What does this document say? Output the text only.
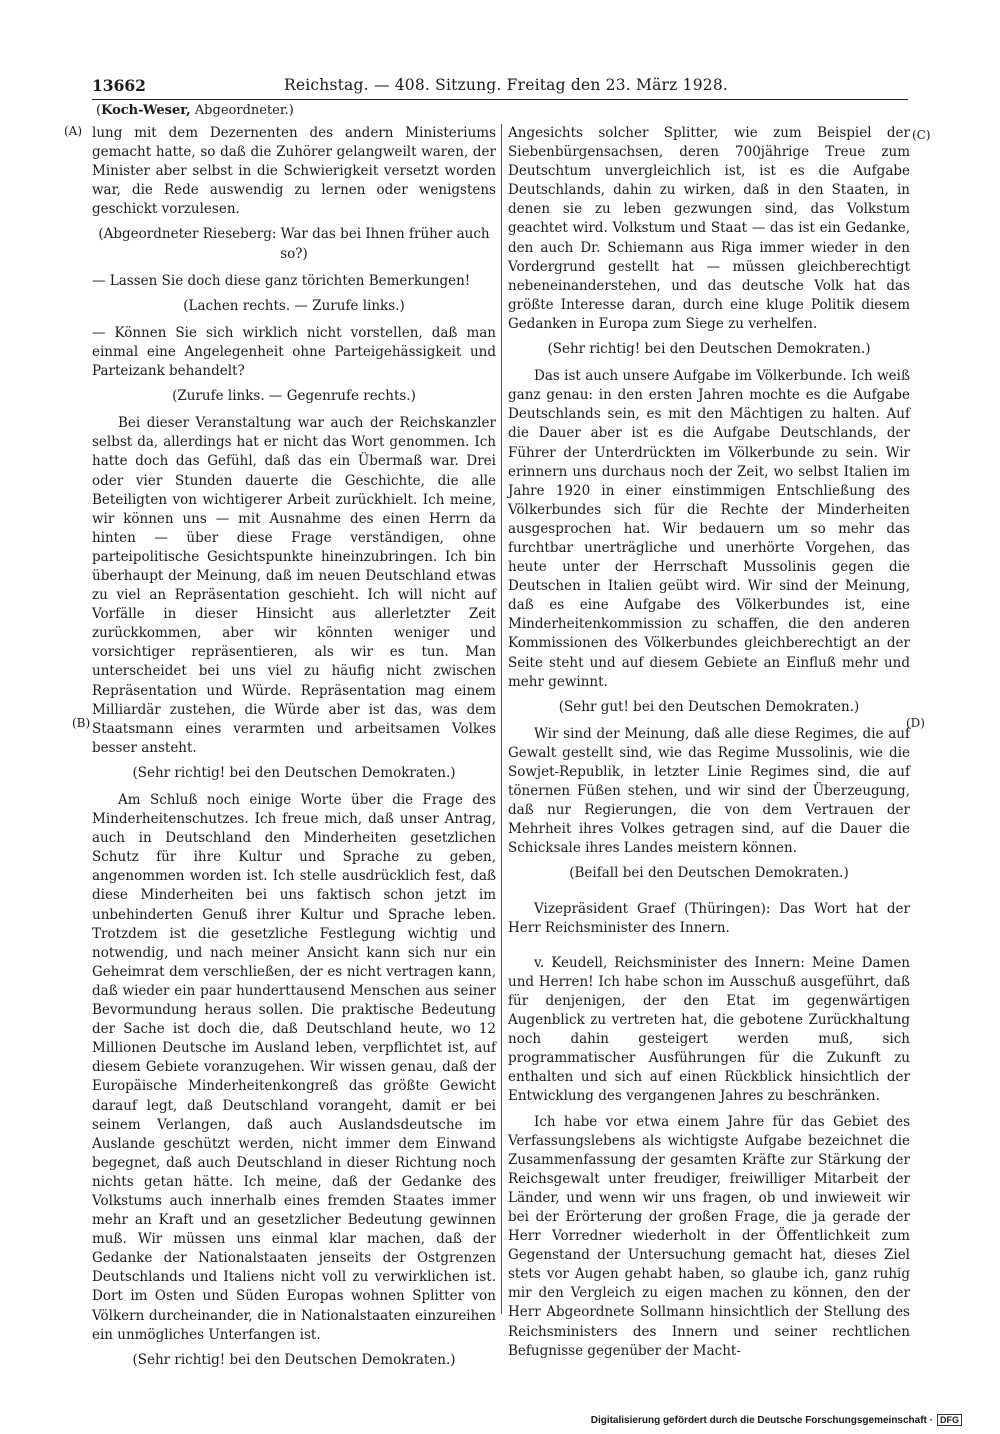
13662	Reichstag. — 408. Sitzung. Freitag den 23. März 1928.
(Koch-Weser, Abgeordneter.)
(A)
(B)
(C)
(D)

lung mit dem Dezernenten des andern Ministeriums gemacht hatte, so daß die Zuhörer gelangweilt waren, der Minister aber selbst in die Schwierigkeit versetzt worden war, die Rede auswendig zu lernen oder wenigstens geschickt vorzulesen.

(Abgeordneter Rieseberg: War das bei Ihnen früher auch so?)

— Lassen Sie doch diese ganz törichten Bemerkungen!

(Lachen rechts. — Zurufe links.)

— Können Sie sich wirklich nicht vorstellen, daß man einmal eine Angelegenheit ohne Parteigehässigkeit und Parteizank behandelt?

(Zurufe links. — Gegenrufe rechts.)

Bei dieser Veranstaltung war auch der Reichskanzler selbst da, allerdings hat er nicht das Wort genommen. Ich hatte doch das Gefühl, daß das ein Übermaß war. Drei oder vier Stunden dauerte die Geschichte, die alle Beteiligten von wichtigerer Arbeit zurückhielt. Ich meine, wir können uns — mit Ausnahme des einen Herrn da hinten — über diese Frage verständigen, ohne parteipolitische Gesichtspunkte hineinzubringen. Ich bin überhaupt der Meinung, daß im neuen Deutschland etwas zu viel an Repräsentation geschieht. Ich will nicht auf Vorfälle in dieser Hinsicht aus allerletzter Zeit zurückkommen, aber wir könnten weniger und vorsichtiger repräsentieren, als wir es tun. Man unterscheidet bei uns viel zu häufig nicht zwischen Repräsentation und Würde. Repräsentation mag einem Milliardär zustehen, die Würde aber ist das, was dem Staatsmann eines verarmten und arbeitsamen Volkes besser ansteht.

(Sehr richtig! bei den Deutschen Demokraten.)

Am Schluß noch einige Worte über die Frage des Minderheitenschutzes. Ich freue mich, daß unser Antrag, auch in Deutschland den Minderheiten gesetzlichen Schutz für ihre Kultur und Sprache zu geben, angenommen worden ist. Ich stelle ausdrücklich fest, daß diese Minderheiten bei uns faktisch schon jetzt im unbehinderten Genuß ihrer Kultur und Sprache leben. Trotzdem ist die gesetzliche Festlegung wichtig und notwendig, und nach meiner Ansicht kann sich nur ein Geheimrat dem verschließen, der es nicht vertragen kann, daß wieder ein paar hunderttausend Menschen aus seiner Bevormundung heraus sollen. Die praktische Bedeutung der Sache ist doch die, daß Deutschland heute, wo 12 Millionen Deutsche im Ausland leben, verpflichtet ist, auf diesem Gebiete voranzugehen. Wir wissen genau, daß der Europäische Minderheitenkongreß das größte Gewicht darauf legt, daß Deutschland vorangeht, damit er bei seinem Verlangen, daß auch Auslandsdeutsche im Auslande geschützt werden, nicht immer dem Einwand begegnet, daß auch Deutschland in dieser Richtung noch nichts getan hätte. Ich meine, daß der Gedanke des Volkstums auch innerhalb eines fremden Staates immer mehr an Kraft und an gesetzlicher Bedeutung gewinnen muß. Wir müssen uns einmal klar machen, daß der Gedanke der Nationalstaaten jenseits der Ostgrenzen Deutschlands und Italiens nicht voll zu verwirklichen ist. Dort im Osten und Süden Europas wohnen Splitter von Völkern durcheinander, die in Nationalstaaten einzureihen ein unmögliches Unterfangen ist.

(Sehr richtig! bei den Deutschen Demokraten.)

Angesichts solcher Splitter, wie zum Beispiel der Siebenbürgensachsen, deren 700jährige Treue zum Deutschtum unvergleichlich ist, ist es die Aufgabe Deutschlands, dahin zu wirken, daß in den Staaten, in denen sie zu leben gezwungen sind, das Volkstum geachtet wird. Volkstum und Staat — das ist ein Gedanke, den auch Dr. Schiemann aus Riga immer wieder in den Vordergrund gestellt hat — müssen gleichberechtigt nebeneinanderstehen, und das deutsche Volk hat das größte Interesse daran, durch eine kluge Politik diesem Gedanken in Europa zum Siege zu verhelfen.

(Sehr richtig! bei den Deutschen Demokraten.)

Das ist auch unsere Aufgabe im Völkerbunde. Ich weiß ganz genau: in den ersten Jahren mochte es die Aufgabe Deutschlands sein, es mit den Mächtigen zu halten. Auf die Dauer aber ist es die Aufgabe Deutschlands, der Führer der Unterdrückten im Völkerbunde zu sein. Wir erinnern uns durchaus noch der Zeit, wo selbst Italien im Jahre 1920 in einer einstimmigen Entschließung des Völkerbundes sich für die Rechte der Minderheiten ausgesprochen hat. Wir bedauern um so mehr das furchtbar unerträgliche und unerhörte Vorgehen, das heute unter der Herrschaft Mussolinis gegen die Deutschen in Italien geübt wird. Wir sind der Meinung, daß es eine Aufgabe des Völkerbundes ist, eine Minderheitenkommission zu schaffen, die den anderen Kommissionen des Völkerbundes gleichberechtigt an der Seite steht und auf diesem Gebiete an Einfluß mehr und mehr gewinnt.

(Sehr gut! bei den Deutschen Demokraten.)

Wir sind der Meinung, daß alle diese Regimes, die auf Gewalt gestellt sind, wie das Regime Mussolinis, wie die Sowjet-Republik, in letzter Linie Regimes sind, die auf tönernen Füßen stehen, und wir sind der Überzeugung, daß nur Regierungen, die von dem Vertrauen der Mehrheit ihres Volkes getragen sind, auf die Dauer die Schicksale ihres Landes meistern können.

(Beifall bei den Deutschen Demokraten.)

Vizepräsident Graef (Thüringen): Das Wort hat der Herr Reichsminister des Innern.

v. Keudell, Reichsminister des Innern: Meine Damen und Herren! Ich habe schon im Ausschuß ausgeführt, daß für denjenigen, der den Etat im gegenwärtigen Augenblick zu vertreten hat, die gebotene Zurückhaltung noch dahin gesteigert werden muß, sich programmatischer Ausführungen für die Zukunft zu enthalten und sich auf einen Rückblick hinsichtlich der Entwicklung des vergangenen Jahres zu beschränken.

Ich habe vor etwa einem Jahre für das Gebiet des Verfassungslebens als wichtigste Aufgabe bezeichnet die Zusammenfassung der gesamten Kräfte zur Stärkung der Reichsgewalt unter freudiger, freiwilliger Mitarbeit der Länder, und wenn wir uns fragen, ob und inwieweit wir bei der Erörterung der großen Frage, die ja gerade der Herr Vorredner wiederholt in der Öffentlichkeit zum Gegenstand der Untersuchung gemacht hat, dieses Ziel stets vor Augen gehabt haben, so glaube ich, ganz ruhig mir den Vergleich zu eigen machen zu können, den der Herr Abgeordnete Sollmann hinsichtlich der Stellung des Reichsministers des Innern und seiner rechtlichen Befugnisse gegenüber der Macht-

Digitalisierung gefördert durch die Deutsche Forschungsgemeinschaft · DFG
